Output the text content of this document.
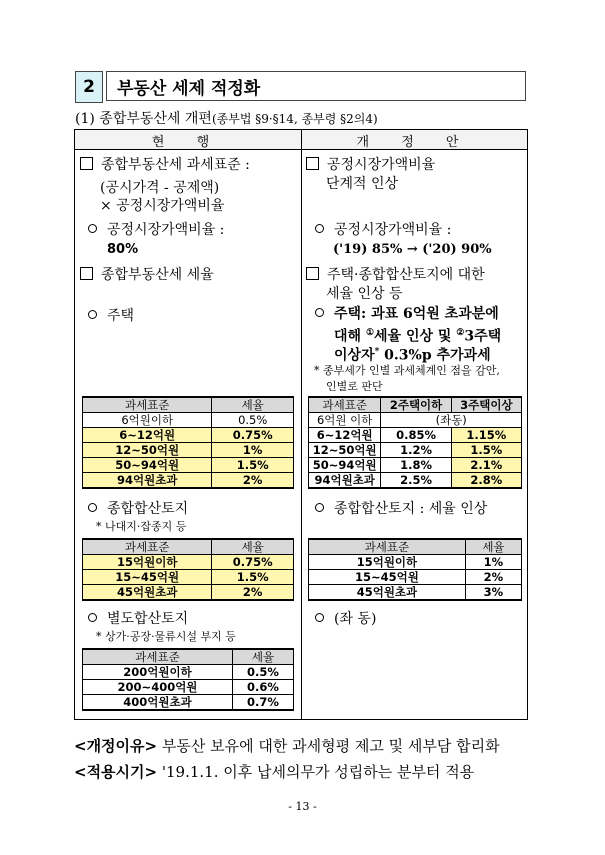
2	부동산 세제 적정화
(1) 종합부동산세 개편(종부법 §9·§14, 종부령 §2의4)
현 행	개 정 안
종합부동산세 과세표준 :
(공시가격 - 공제액)
× 공정시장가액비율
공정시장가액비율 :
80%
종합부동산세 세율
주택
과세표준	세율
6억원이하	0.5%
6~12억원	0.75%
12~50억원	1%
50~94억원	1.5%
94억원초과	2%
종합합산토지
* 나대지·잡종지 등
과세표준	세율
15억원이하	0.75%
15~45억원	1.5%
45억원초과	2%
별도합산토지
* 상가·공장·물류시설 부지 등
과세표준	세율
200억원이하	0.5%
200~400억원	0.6%
400억원초과	0.7%
공정시장가액비율
단계적 인상
공정시장가액비율 :
('19) 85% → ('20) 90%
주택·종합합산토지에 대한
세율 인상 등
주택: 과표 6억원 초과분에
대해 ①세율 인상 및 ②3주택
이상자* 0.3%p 추가과세
* 종부세가 인별 과세체계인 점을 감안,
인별로 판단
과세표준	2주택이하	3주택이상
6억원 이하	(좌동)	
6~12억원	0.85%	1.15%
12~50억원	1.2%	1.5%
50~94억원	1.8%	2.1%
94억원초과	2.5%	2.8%
종합합산토지 : 세율 인상
과세표준	세율
15억원이하	1%
15~45억원	2%
45억원초과	3%
(좌 동)
<개정이유> 부동산 보유에 대한 과세형평 제고 및 세부담 합리화
<적용시기> '19.1.1. 이후 납세의무가 성립하는 분부터 적용
- 13 -
